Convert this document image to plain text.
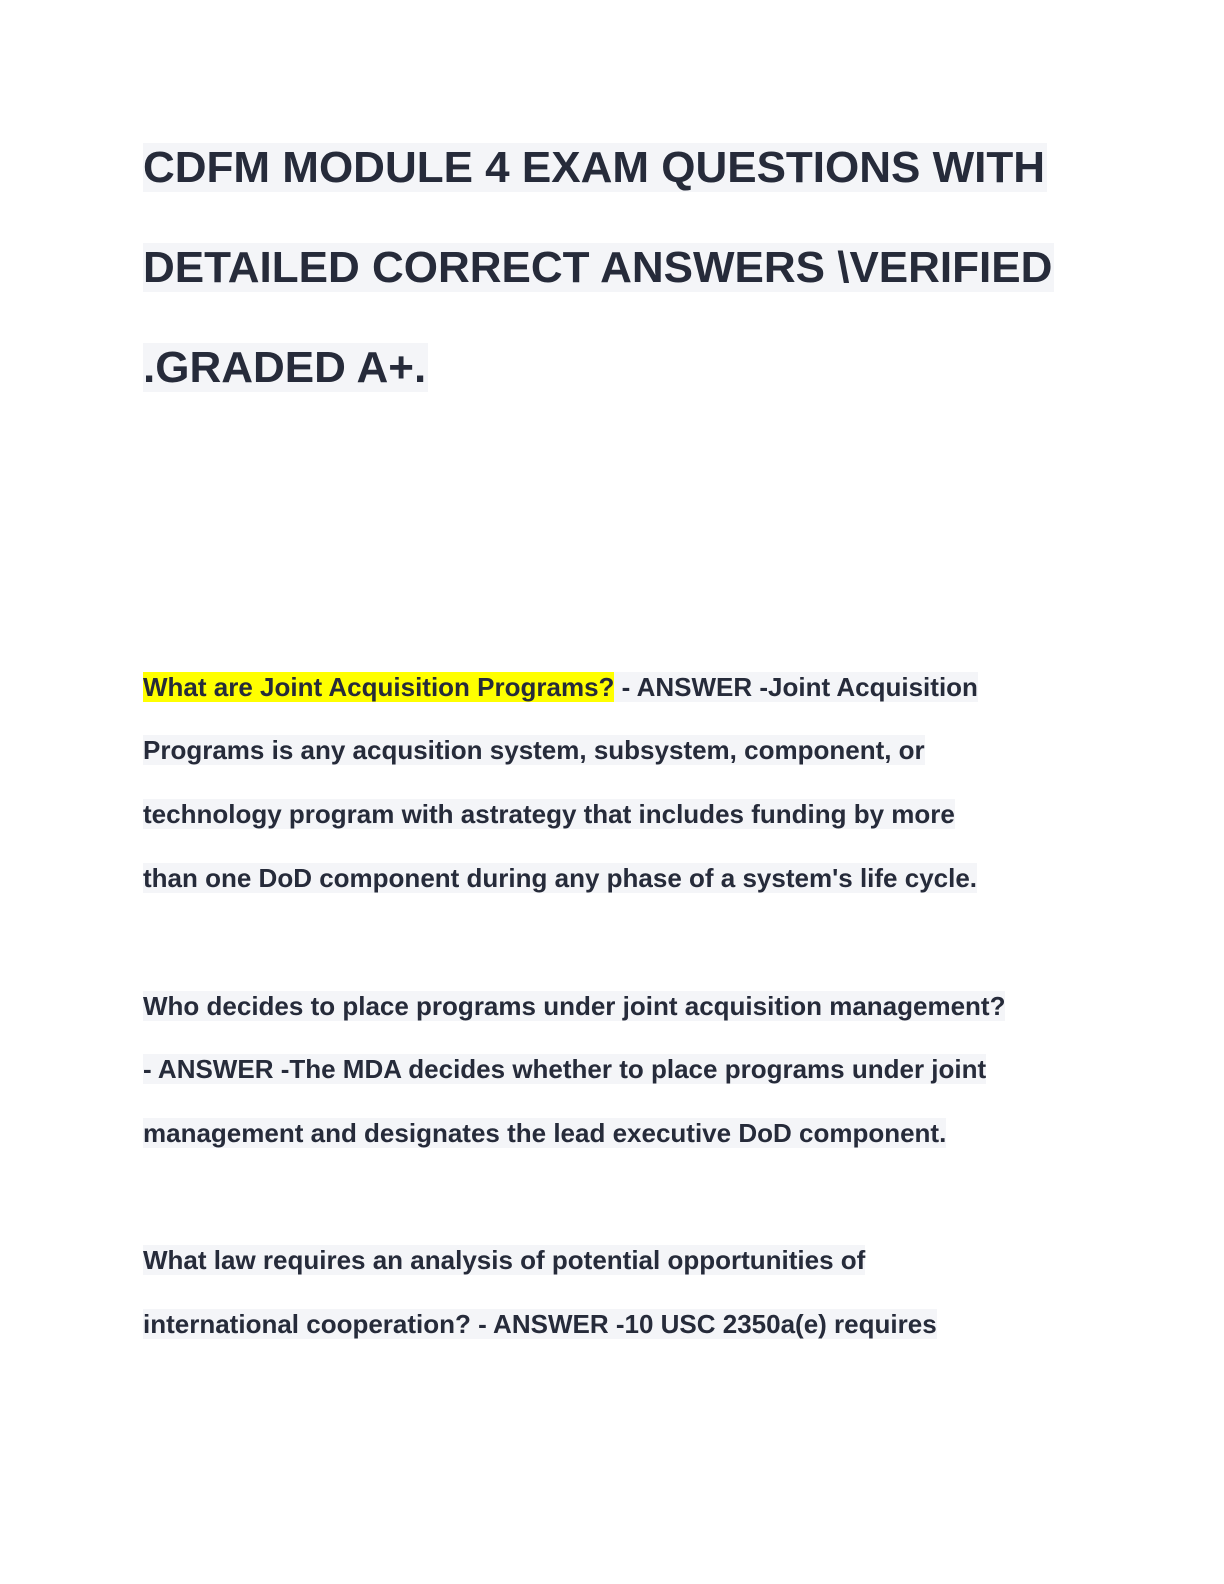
CDFM MODULE 4 EXAM QUESTIONS WITH
DETAILED CORRECT ANSWERS \VERIFIED
.GRADED A+.
What are Joint Acquisition Programs? - ANSWER -Joint Acquisition
Programs is any acqusition system, subsystem, component, or
technology program with astrategy that includes funding by more
than one DoD component during any phase of a system's life cycle.
Who decides to place programs under joint acquisition management?
- ANSWER -The MDA decides whether to place programs under joint
management and designates the lead executive DoD component.
What law requires an analysis of potential opportunities of
international cooperation? - ANSWER -10 USC 2350a(e) requires
